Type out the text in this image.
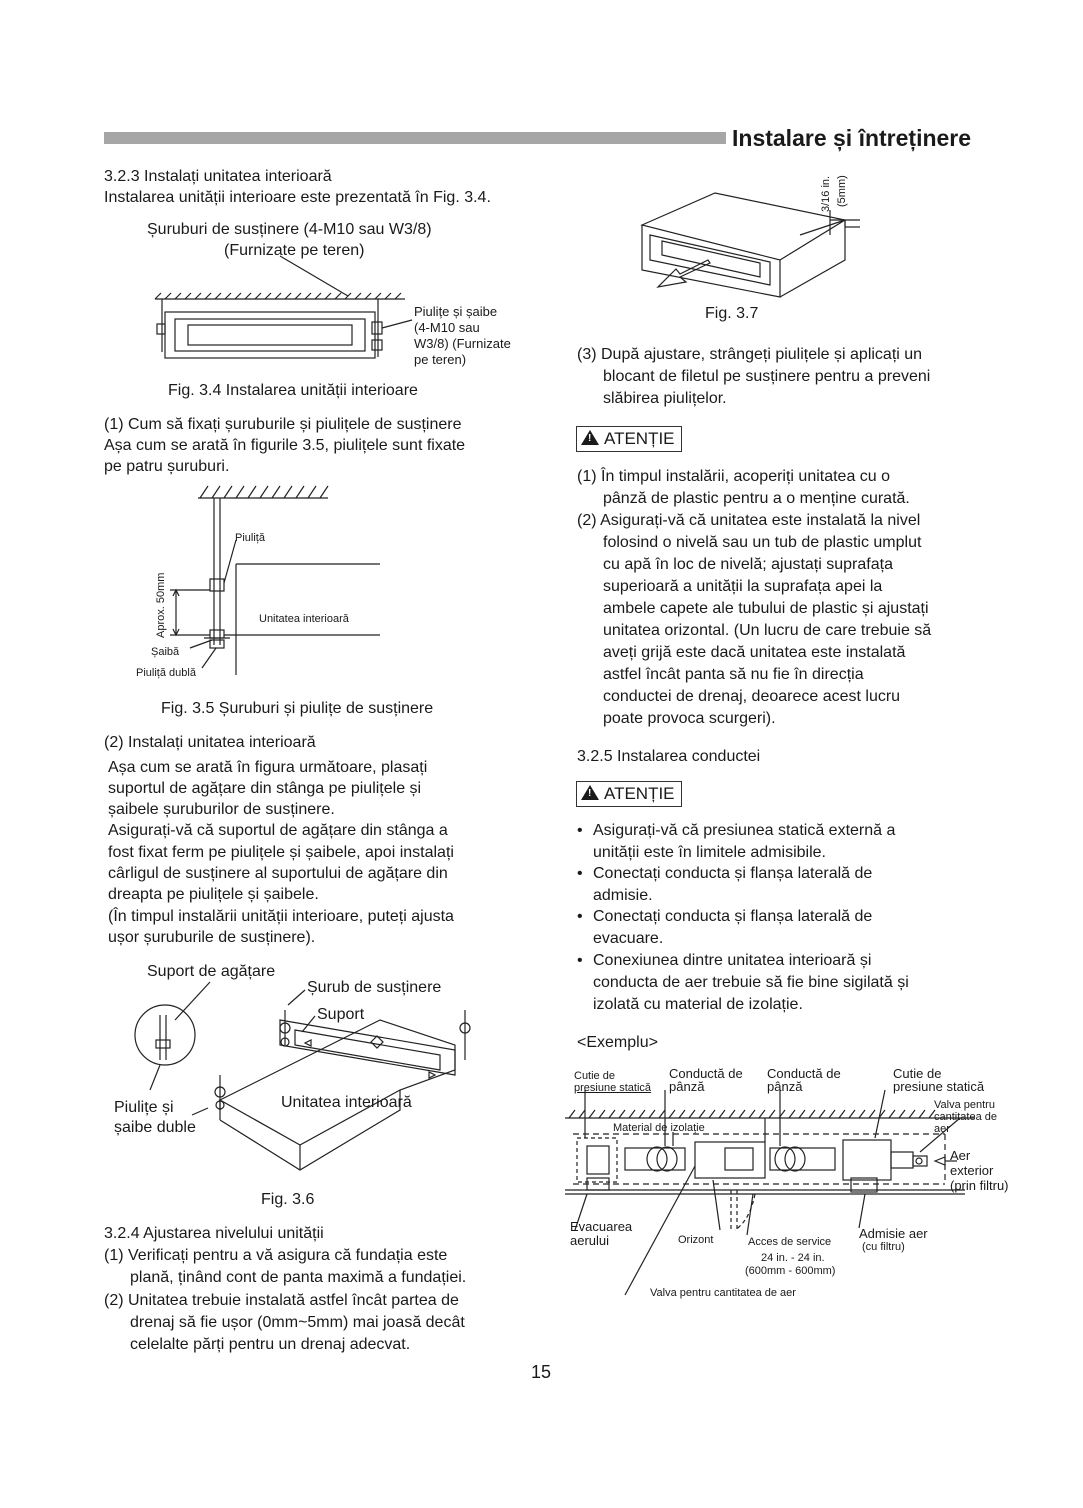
Instalare și întreținere
3.2.3 Instalați unitatea interioară
Instalarea unității interioare este prezentată în Fig. 3.4.
Șuruburi de susținere (4-M10 sau W3/8)
(Furnizate pe teren)
Piulițe și șaibe
(4-M10 sau
W3/8) (Furnizate
pe teren)
Fig. 3.4 Instalarea unității interioare
(1) Cum să fixați șuruburile și piulițele de susținere
Așa cum se arată în figurile 3.5, piulițele sunt fixate
pe patru șuruburi.
Piuliță
Aprox. 50mm	Unitatea interioară
Șaibă
Piuliță dublă
Fig. 3.5 Șuruburi și piulițe de susținere
(2) Instalați unitatea interioară
Așa cum se arată în figura următoare, plasați
suportul de agățare din stânga pe piulițele și
șaibele șuruburilor de susținere.
Asigurați-vă că suportul de agățare din stânga a
fost fixat ferm pe piulițele și șaibele, apoi instalați
cârligul de susținere al suportului de agățare din
dreapta pe piulițele și șaibele.
(În timpul instalării unității interioare, puteți ajusta
ușor șuruburile de susținere).
Suport de agățare
Șurub de susținere
Suport
Piulițe și
șaibe duble
Unitatea interioară
Fig. 3.6
3.2.4 Ajustarea nivelului unității
(1) Verificați pentru a vă asigura că fundația este
plană, ținând cont de panta maximă a fundației.
(2) Unitatea trebuie instalată astfel încât partea de
drenaj să fie ușor (0mm~5mm) mai joasă decât
celelalte părți pentru un drenaj adecvat.
3/16 in. (5mm)
Fig. 3.7
(3) După ajustare, strângeți piulițele și aplicați un
blocant de filetul pe susținere pentru a preveni
slăbirea piulițelor.
!ATENȚIE
(1) În timpul instalării, acoperiți unitatea cu o
pânză de plastic pentru a o menține curată.
(2) Asigurați-vă că unitatea este instalată la nivel
folosind o nivelă sau un tub de plastic umplut
cu apă în loc de nivelă; ajustați suprafața
superioară a unității la suprafața apei la
ambele capete ale tubului de plastic și ajustați
unitatea orizontal. (Un lucru de care trebuie să
aveți grijă este dacă unitatea este instalată
astfel încât panta să nu fie în direcția
conductei de drenaj, deoarece acest lucru
poate provoca scurgeri).
3.2.5 Instalarea conductei
!ATENȚIE
• Asigurați-vă că presiunea statică externă a
unității este în limitele admisibile.
• Conectați conducta și flanșa laterală de
admisie.
• Conectați conducta și flanșa laterală de
evacuare.
• Conexiunea dintre unitatea interioară și
conducta de aer trebuie să fie bine sigilată și
izolată cu material de izolație.
<Exemplu>
Cutie de
presiune statică
Conductă de
pânză
Conductă de
pânză
Cutie de
presiune statică
Valva pentru
cantitatea de
aer
Material de izolație
Aer
exterior
(prin filtru)
Evacuarea
aerului	Orizont	Acces de service
24 in. - 24 in.
(600mm - 600mm)
Admisie aer
(cu filtru)
Valva pentru cantitatea de aer
15
